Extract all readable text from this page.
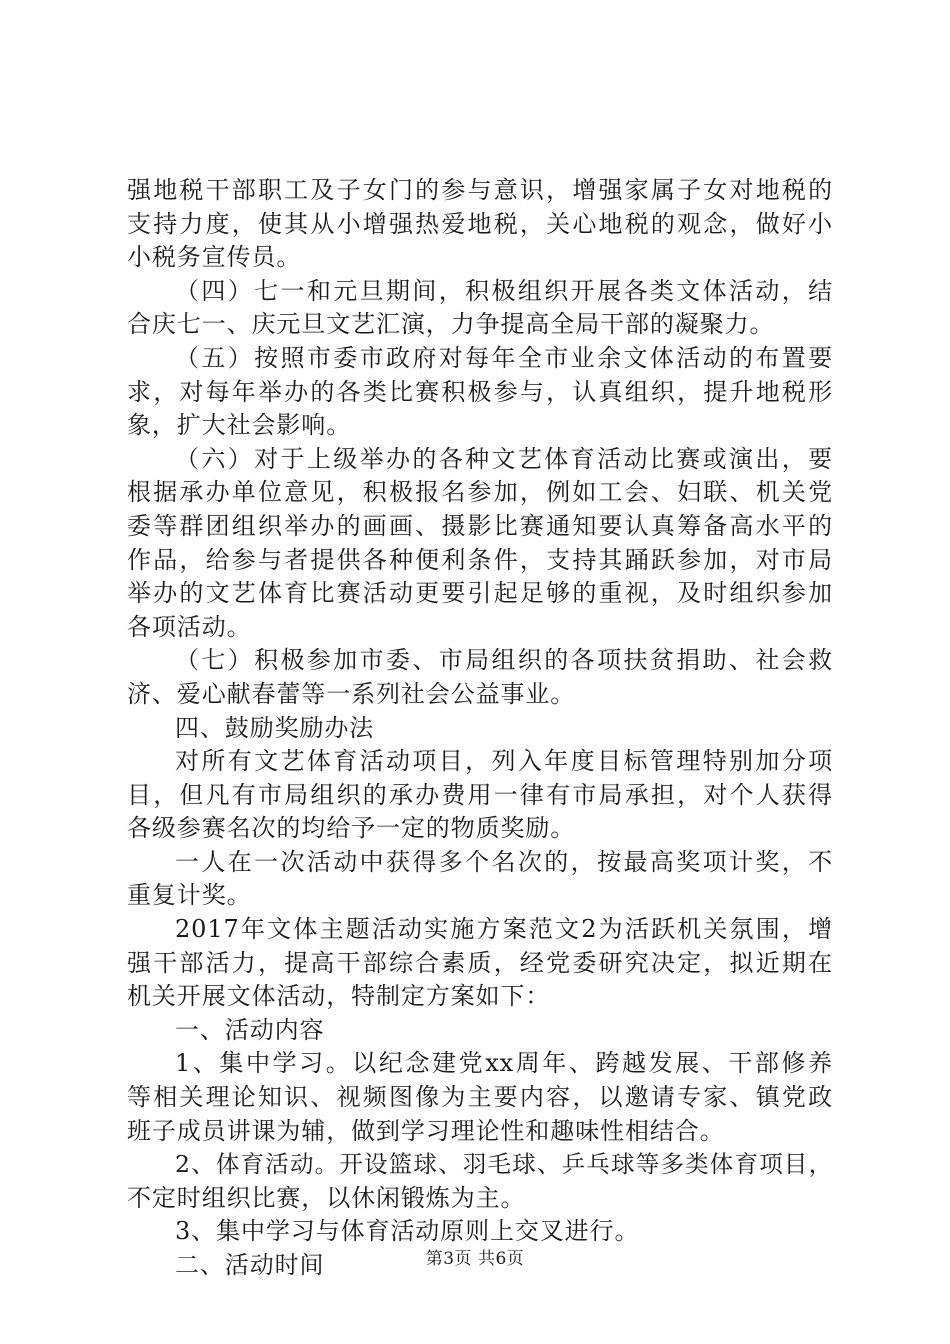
强地税干部职工及子女门的参与意识，增强家属子女对地税的
支持力度，使其从小增强热爱地税，关心地税的观念，做好小
小税务宣传员。
（四）七一和元旦期间，积极组织开展各类文体活动，结
合庆七一、庆元旦文艺汇演，力争提高全局干部的凝聚力。
（五）按照市委市政府对每年全市业余文体活动的布置要
求，对每年举办的各类比赛积极参与，认真组织，提升地税形
象，扩大社会影响。
（六）对于上级举办的各种文艺体育活动比赛或演出，要
根据承办单位意见，积极报名参加，例如工会、妇联、机关党
委等群团组织举办的画画、摄影比赛通知要认真筹备高水平的
作品，给参与者提供各种便利条件，支持其踊跃参加，对市局
举办的文艺体育比赛活动更要引起足够的重视，及时组织参加
各项活动。
（七）积极参加市委、市局组织的各项扶贫捐助、社会救
济、爱心献春蕾等一系列社会公益事业。
四、鼓励奖励办法
对所有文艺体育活动项目，列入年度目标管理特别加分项
目，但凡有市局组织的承办费用一律有市局承担，对个人获得
各级参赛名次的均给予一定的物质奖励。
一人在一次活动中获得多个名次的，按最高奖项计奖，不
重复计奖。
2017年文体主题活动实施方案范文2为活跃机关氛围，增
强干部活力，提高干部综合素质，经党委研究决定，拟近期在
机关开展文体活动，特制定方案如下：
一、活动内容
1、集中学习。以纪念建党xx周年、跨越发展、干部修养
等相关理论知识、视频图像为主要内容，以邀请专家、镇党政
班子成员讲课为辅，做到学习理论性和趣味性相结合。
2、体育活动。开设篮球、羽毛球、乒乓球等多类体育项目，
不定时组织比赛，以休闲锻炼为主。
3、集中学习与体育活动原则上交叉进行。
二、活动时间	第3页 共6页
